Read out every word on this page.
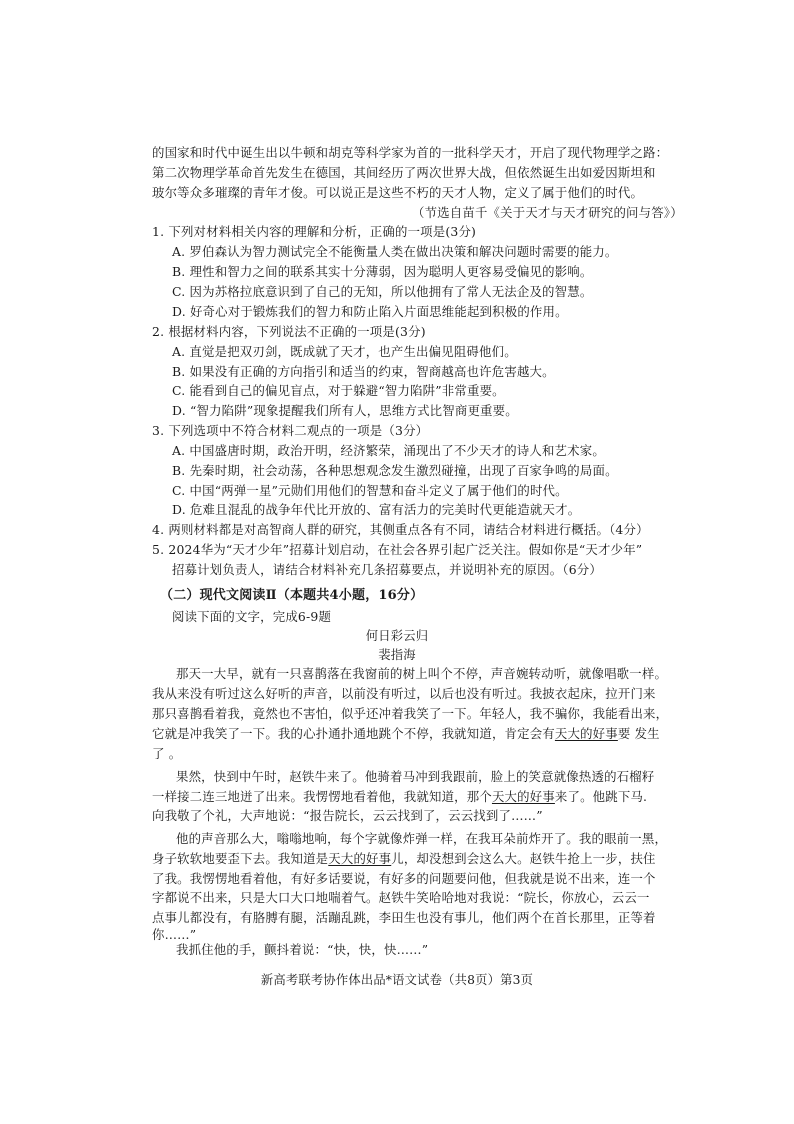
的国家和时代中诞生出以牛顿和胡克等科学家为首的一批科学天才，开启了现代物理学之路：
第二次物理学革命首先发生在德国，其间经历了两次世界大战，但依然诞生出如爱因斯坦和
玻尔等众多璀璨的青年才俊。可以说正是这些不朽的天才人物，定义了属于他们的时代。
（节选自苗千《关于天才与天才研究的问与答》）
1. 下列对材料相关内容的理解和分析，正确的一项是(3分)
A. 罗伯森认为智力测试完全不能衡量人类在做出决策和解决问题时需要的能力。
B. 理性和智力之间的联系其实十分薄弱，因为聪明人更容易受偏见的影响。
C. 因为苏格拉底意识到了自己的无知，所以他拥有了常人无法企及的智慧。
D. 好奇心对于锻炼我们的智力和防止陷入片面思维能起到积极的作用。
2. 根据材料内容，下列说法不正确的一项是(3分)
A. 直觉是把双刃剑，既成就了天才，也产生出偏见阻碍他们。
B. 如果没有正确的方向指引和适当的约束，智商越高也许危害越大。
C. 能看到自己的偏见盲点，对于躲避“智力陷阱”非常重要。
D. “智力陷阱”现象提醒我们所有人，思维方式比智商更重要。
3. 下列选项中不符合材料二观点的一项是（3分）
A. 中国盛唐时期，政治开明，经济繁荣，涌现出了不少天才的诗人和艺术家。
B. 先秦时期，社会动荡，各种思想观念发生激烈碰撞，出现了百家争鸣的局面。
C. 中国“两弹一星”元勋们用他们的智慧和奋斗定义了属于他们的时代。
D. 危难且混乱的战争年代比开放的、富有活力的完美时代更能造就天才。
4. 两则材料都是对高智商人群的研究，其侧重点各有不同，请结合材料进行概括。（4分）
5. 2024华为“天才少年”招募计划启动，在社会各界引起广泛关注。假如你是“天才少年”
招募计划负责人，请结合材料补充几条招募要点，并说明补充的原因。（6分）
（二）现代文阅读Ⅱ（本题共4小题，16分）
阅读下面的文字，完成6-9题
何日彩云归
裴指海
那天一大早，就有一只喜鹊落在我窗前的树上叫个不停，声音婉转动听，就像唱歌一样。
我从来没有听过这么好听的声音，以前没有听过，以后也没有听过。我披衣起床，拉开门来
那只喜鹊看着我，竟然也不害怕，似乎还冲着我笑了一下。年轻人，我不骗你，我能看出来，
它就是冲我笑了一下。我的心扑通扑通地跳个不停，我就知道，肯定会有天大的好事要 发生
了 。
果然，快到中午时，赵铁牛来了。他骑着马冲到我跟前，脸上的笑意就像热透的石榴籽
一样接二连三地迸了出来。我愣愣地看着他，我就知道，那个天大的好事来了。他跳下马.
向我敬了个礼，大声地说：“报告院长，云云找到了，云云找到了……”
他的声音那么大，嗡嗡地响，每个字就像炸弹一样，在我耳朵前炸开了。我的眼前一黑，
身子软软地要歪下去。我知道是天大的好事儿，却没想到会这么大。赵铁牛抢上一步，扶住
了我。我愣愣地看着他，有好多话要说，有好多的问题要问他，但我就是说不出来，连一个
字都说不出来，只是大口大口地喘着气。赵铁牛笑哈哈地对我说：“院长，你放心，云云一
点事儿都没有，有胳膊有腿，活蹦乱跳，李田生也没有事儿，他们两个在首长那里，正等着
你……”
我抓住他的手，颤抖着说：“快，快，快……”
新高考联考协作体出品*语文试卷（共8页）第3页
